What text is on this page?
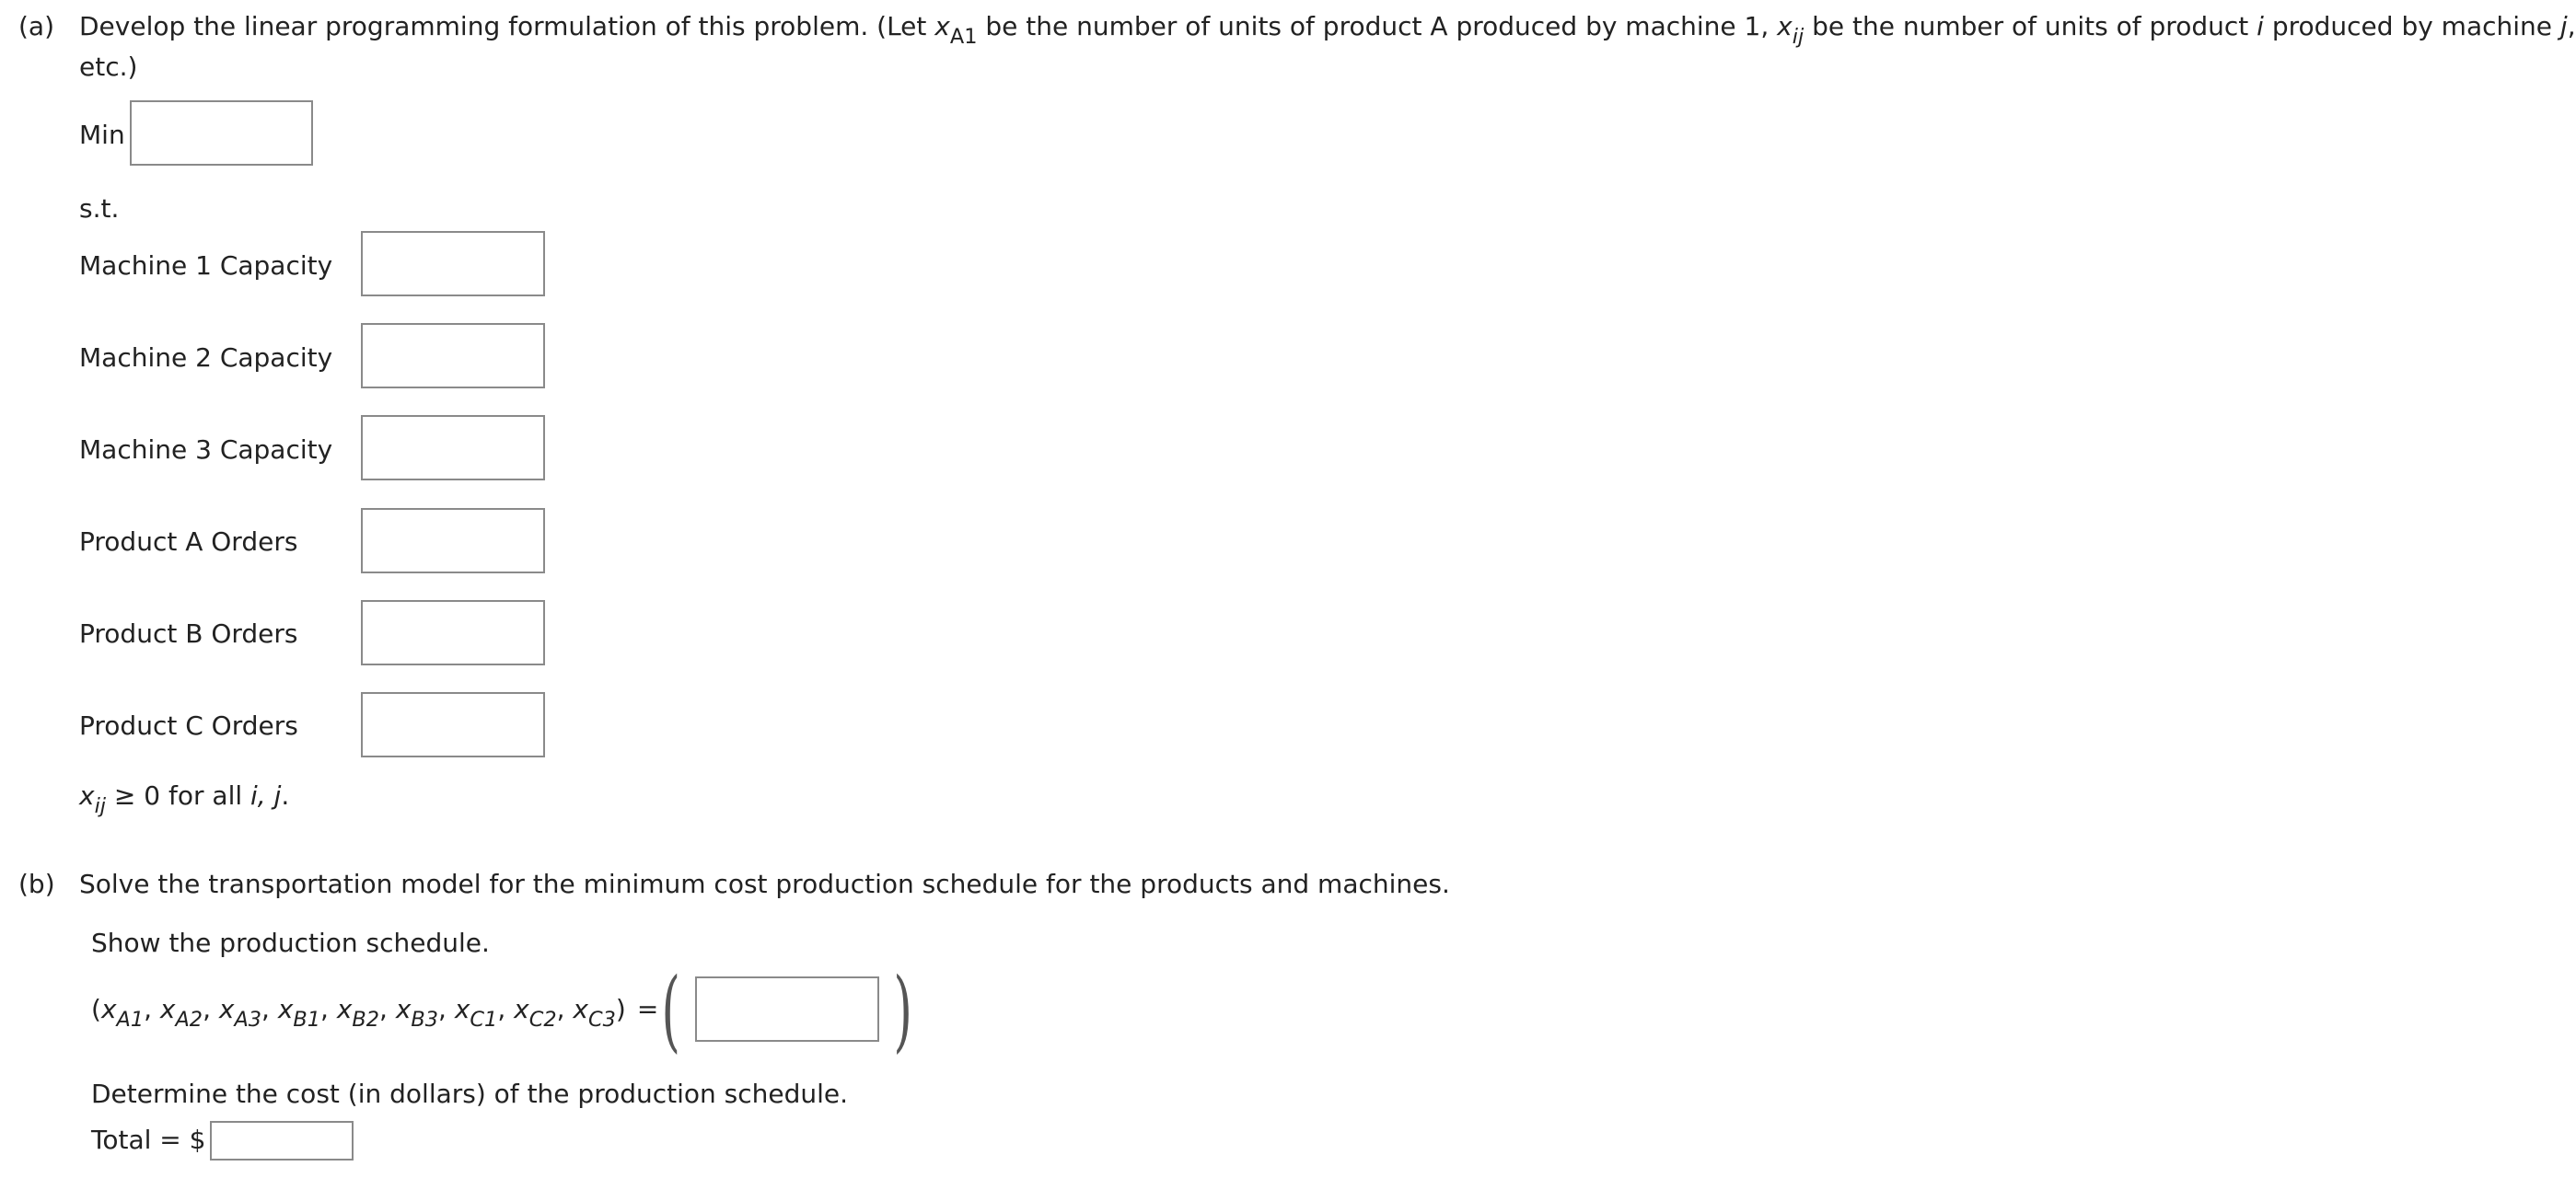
(a) Develop the linear programming formulation of this problem. (Let $x_{A1}$ be the number of units of product A produced by machine 1, $x_{ij}$ be the number of units of product i produced by machine j,
etc.)
Min
s.t.
Machine 1 Capacity
Machine 2 Capacity
Machine 3 Capacity
Product A Orders
Product B Orders
Product C Orders
$x_{ij} \ge 0$ for all i, j.
(b) Solve the transportation model for the minimum cost production schedule for the products and machines.
Show the production schedule.
($x_{A1}$, $x_{A2}$, $x_{A3}$, $x_{B1}$, $x_{B2}$, $x_{B3}$, $x_{C1}$, $x_{C2}$, $x_{C3}$) = ( )
Determine the cost (in dollars) of the production schedule.
Total = $
